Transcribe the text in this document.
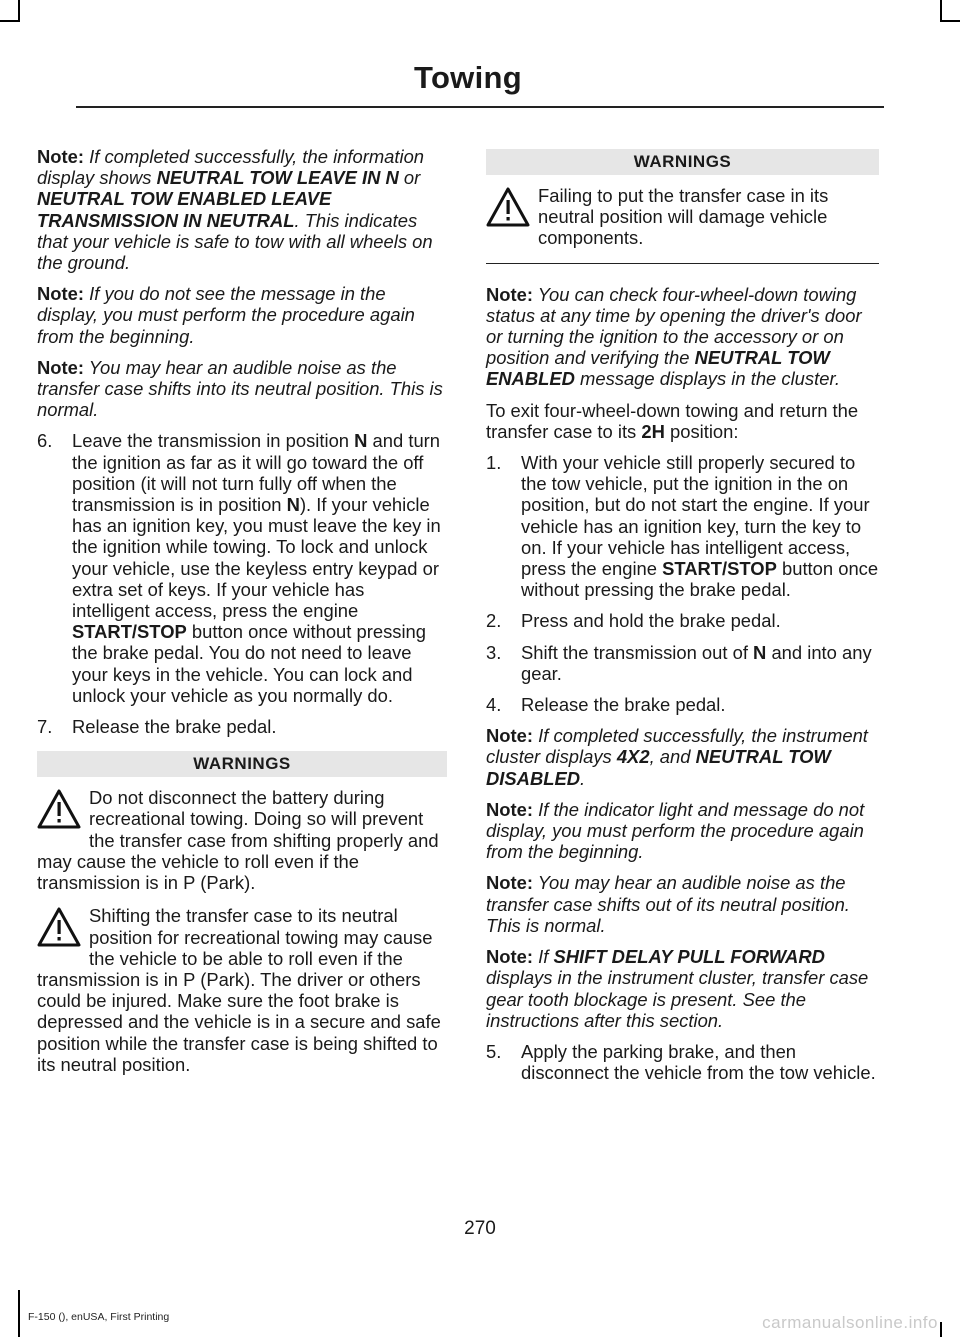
Towing

Note: If completed successfully, the information display shows NEUTRAL TOW LEAVE IN N or NEUTRAL TOW ENABLED LEAVE TRANSMISSION IN NEUTRAL. This indicates that your vehicle is safe to tow with all wheels on the ground.

Note: If you do not see the message in the display, you must perform the procedure again from the beginning.

Note: You may hear an audible noise as the transfer case shifts into its neutral position. This is normal.

6.	Leave the transmission in position N and turn the ignition as far as it will go toward the off position (it will not turn fully off when the transmission is in position N). If your vehicle has an ignition key, you must leave the key in the ignition while towing. To lock and unlock your vehicle, use the keyless entry keypad or extra set of keys. If your vehicle has intelligent access, press the engine START/STOP button once without pressing the brake pedal. You do not need to leave your keys in the vehicle. You can lock and unlock your vehicle as you normally do.
7.	Release the brake pedal.
WARNINGS
Do not disconnect the battery during recreational towing. Doing so will prevent the transfer case from shifting properly and may cause the vehicle to roll even if the transmission is in P (Park).
Shifting the transfer case to its neutral position for recreational towing may cause the vehicle to be able to roll even if the transmission is in P (Park). The driver or others could be injured. Make sure the foot brake is depressed and the vehicle is in a secure and safe position while the transfer case is being shifted to its neutral position.
WARNINGS
Failing to put the transfer case in its neutral position will damage vehicle components.

Note: You can check four-wheel-down towing status at any time by opening the driver's door or turning the ignition to the accessory or on position and verifying the NEUTRAL TOW ENABLED message displays in the cluster.

To exit four-wheel-down towing and return the transfer case to its 2H position:

1.	With your vehicle still properly secured to the tow vehicle, put the ignition in the on position, but do not start the engine. If your vehicle has an ignition key, turn the key to on. If your vehicle has intelligent access, press the engine START/STOP button once without pressing the brake pedal.
2.	Press and hold the brake pedal.
3.	Shift the transmission out of N and into any gear.
4.	Release the brake pedal.

Note: If completed successfully, the instrument cluster displays 4X2, and NEUTRAL TOW DISABLED.

Note: If the indicator light and message do not display, you must perform the procedure again from the beginning.

Note: You may hear an audible noise as the transfer case shifts out of its neutral position. This is normal.

Note: If SHIFT DELAY PULL FORWARD displays in the instrument cluster, transfer case gear tooth blockage is present. See the instructions after this section.

5.	Apply the parking brake, and then disconnect the vehicle from the tow vehicle.
270
F-150 (), enUSA, First Printing	carmanualsonline.info
